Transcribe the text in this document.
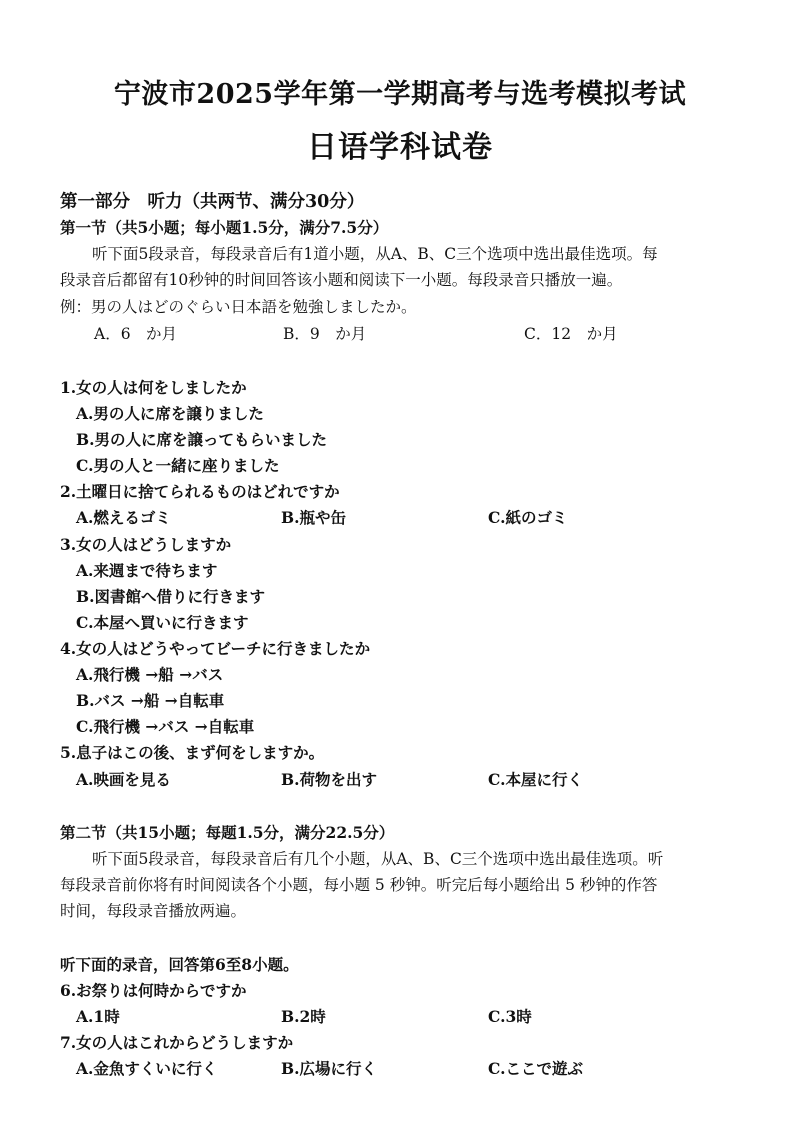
宁波市2025学年第一学期高考与选考模拟考试
日语学科试卷
第一部分　听力（共两节、满分30分）
第一节（共5小题；每小题1.5分，满分7.5分）
听下面5段录音，每段录音后有1道小题，从A、B、C三个选项中选出最佳选项。每
段录音后都留有10秒钟的时间回答该小题和阅读下一小题。每段录音只播放一遍。
例：男の人はどのぐらい日本語を勉強しましたか。
A．6　か月	B．9　か月	C．12　か月
1.女の人は何をしましたか
A.男の人に席を譲りました
B.男の人に席を譲ってもらいました
C.男の人と一緒に座りました
2.土曜日に捨てられるものはどれですか
A.燃えるゴミ	B.瓶や缶	C.紙のゴミ
3.女の人はどうしますか
A.来週まで待ちます
B.図書館へ借りに行きます
C.本屋へ買いに行きます
4.女の人はどうやってビーチに行きましたか
A.飛行機 →船 →バス
B.バス →船 →自転車
C.飛行機 →バス →自転車
5.息子はこの後、まず何をしますか。
A.映画を見る	B.荷物を出す	C.本屋に行く
第二节（共15小题；每题1.5分，满分22.5分）
听下面5段录音，每段录音后有几个小题，从A、B、C三个选项中选出最佳选项。听
每段录音前你将有时间阅读各个小题，每小题 5 秒钟。听完后每小题给出 5 秒钟的作答
时间，每段录音播放两遍。
听下面的录音，回答第6至8小题。
6.お祭りは何時からですか
A.1時	B.2時	C.3時
7.女の人はこれからどうしますか
A.金魚すくいに行く	B.広場に行く	C.ここで遊ぶ
